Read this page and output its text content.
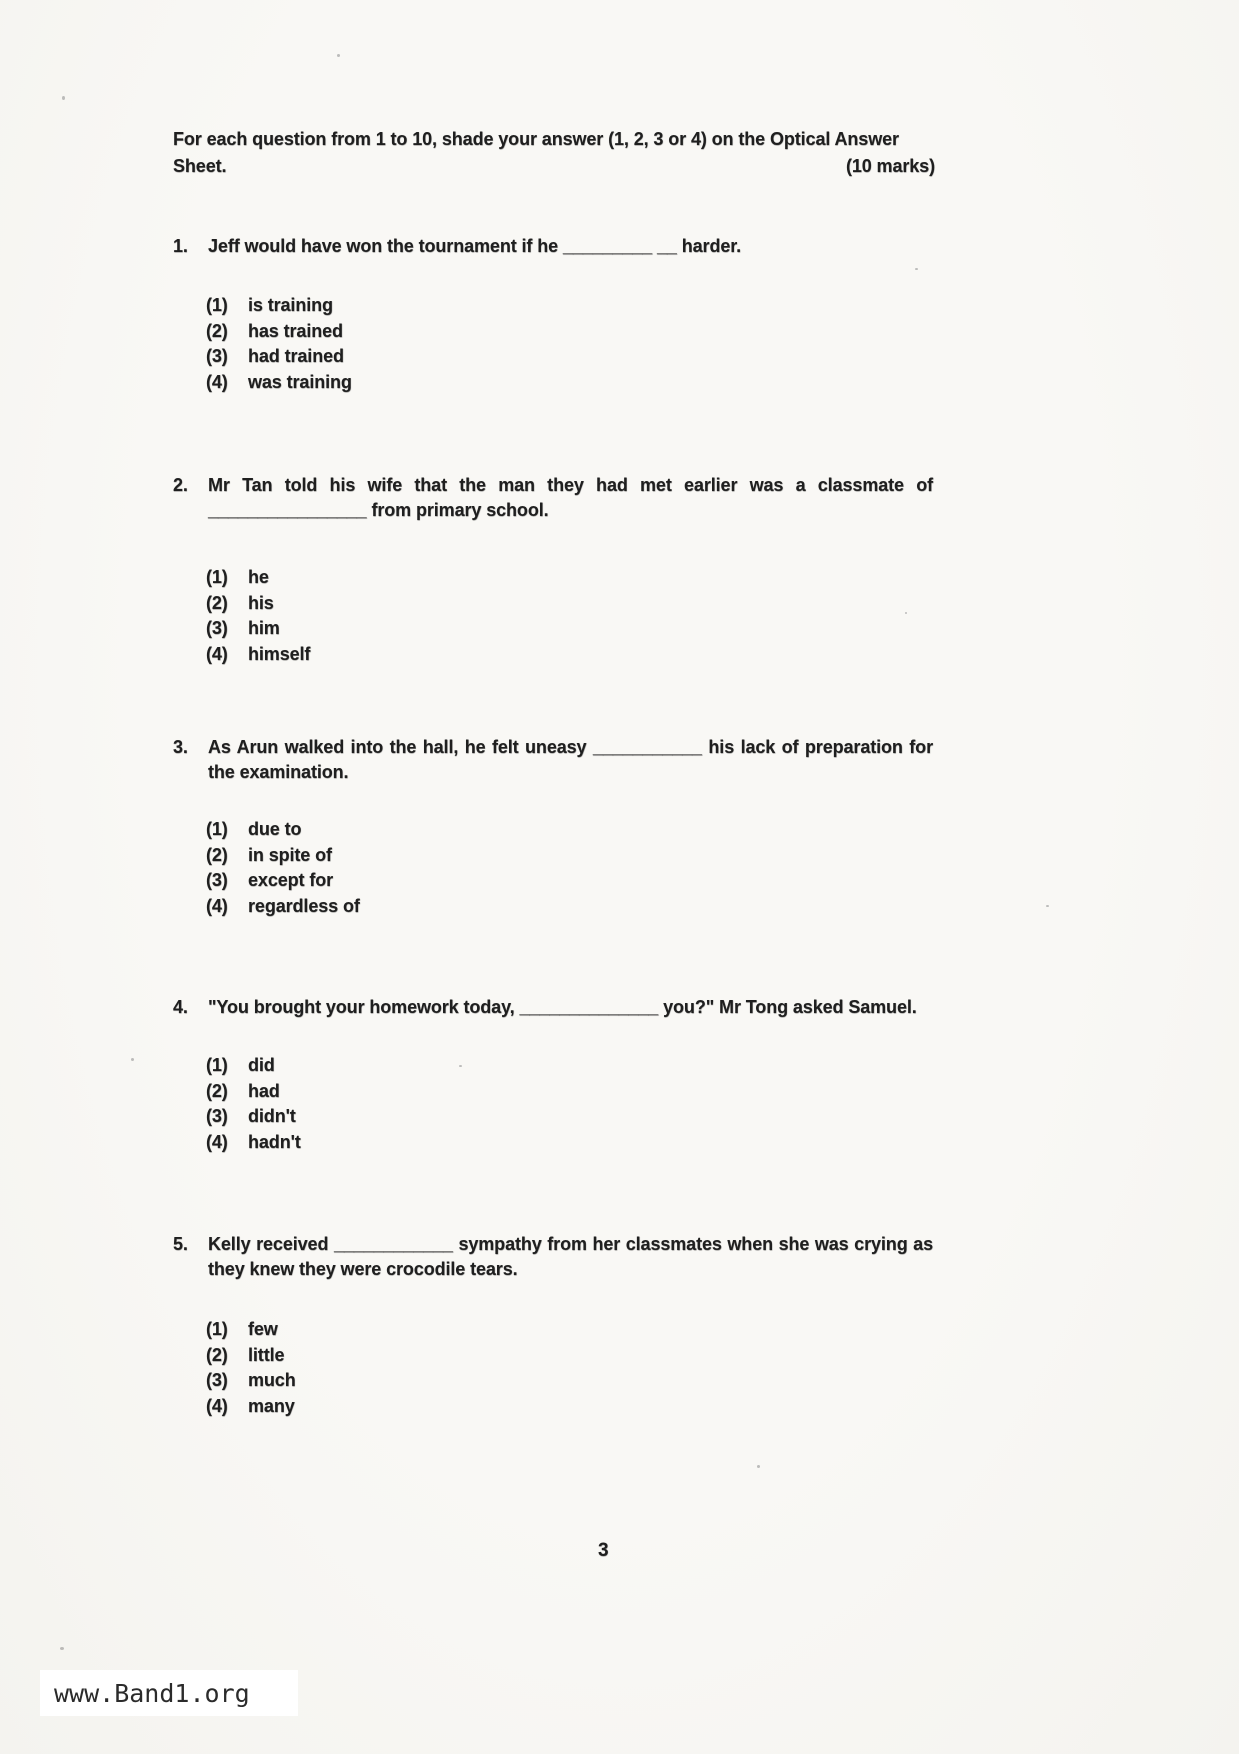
(10 marks)
For each question from 1 to 10, shade your answer (1, 2, 3 or 4) on the Optical Answer Sheet.
1.	Jeff would have won the tournament if he _________ __ harder.
(1)	is training
(2)	has trained
(3)	had trained
(4)	was training
2.	Mr Tan told his wife that the man they had met earlier was a classmate of ________________ from primary school.
(1)	he
(2)	his
(3)	him
(4)	himself
3.	As Arun walked into the hall, he felt uneasy ___________ his lack of preparation for the examination.
(1)	due to
(2)	in spite of
(3)	except for
(4)	regardless of
4.	"You brought your homework today, ______________ you?" Mr Tong asked Samuel.
(1)	did
(2)	had
(3)	didn't
(4)	hadn't
5.	Kelly received ____________ sympathy from her classmates when she was crying as they knew they were crocodile tears.
(1)	few
(2)	little
(3)	much
(4)	many
3
www.Band1.org
